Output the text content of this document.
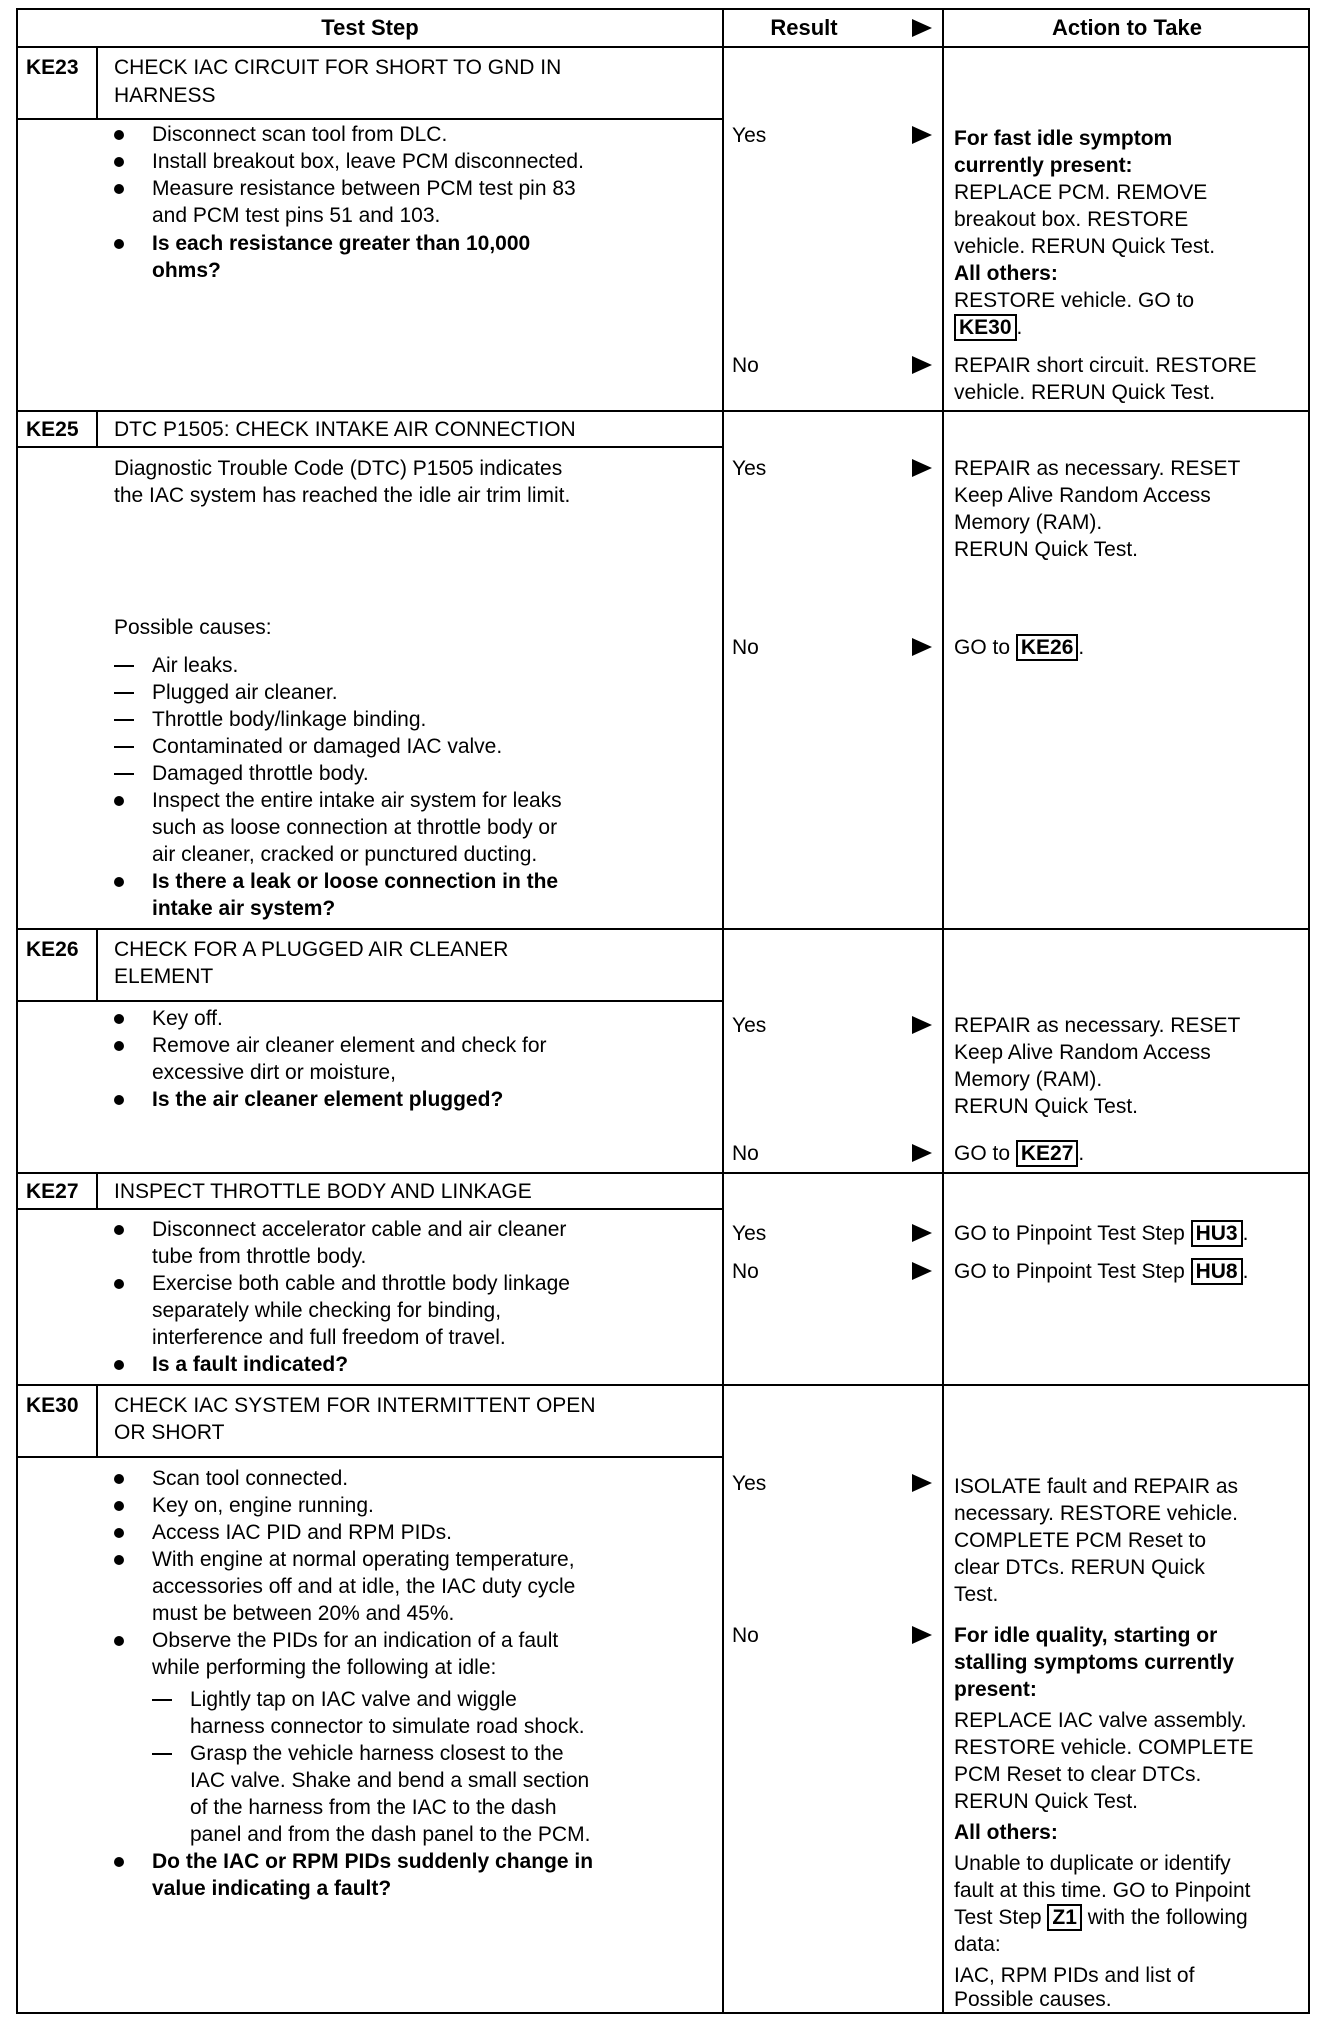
Test Step	Result	Action to Take
KE23 CHECK IAC CIRCUIT FOR SHORT TO GND IN
HARNESS
Disconnect scan tool from DLC.
Install breakout box, leave PCM disconnected.
Measure resistance between PCM test pin 83
and PCM test pins 51 and 103.
Is each resistance greater than 10,000
ohms?
Yes	For fast idle symptom
currently present:
REPLACE PCM. REMOVE
breakout box. RESTORE
vehicle. RERUN Quick Test.
All others:
RESTORE vehicle. GO to
KE30 .
No	REPAIR short circuit. RESTORE
vehicle. RERUN Quick Test.
KE25 DTC P1505: CHECK INTAKE AIR CONNECTION
Diagnostic Trouble Code (DTC) P1505 indicates
the IAC system has reached the idle air trim limit.
Possible causes:
Air leaks.
Plugged air cleaner.
Throttle body/linkage binding.
Contaminated or damaged IAC valve.
Damaged throttle body.
Inspect the entire intake air system for leaks
such as loose connection at throttle body or
air cleaner, cracked or punctured ducting.
Is there a leak or loose connection in the
intake air system?
Yes	REPAIR as necessary. RESET
Keep Alive Random Access
Memory (RAM).
RERUN Quick Test.
No	GO to KE26 .
KE26 CHECK FOR A PLUGGED AIR CLEANER
ELEMENT
Key off.
Remove air cleaner element and check for
excessive dirt or moisture,
Is the air cleaner element plugged?
Yes	REPAIR as necessary. RESET
Keep Alive Random Access
Memory (RAM).
RERUN Quick Test.
No	GO to KE27 .
KE27 INSPECT THROTTLE BODY AND LINKAGE
Disconnect accelerator cable and air cleaner
tube from throttle body.
Exercise both cable and throttle body linkage
separately while checking for binding,
interference and full freedom of travel.
Is a fault indicated?
Yes	GO to Pinpoint Test Step HU3 .
No	GO to Pinpoint Test Step HU8 .
KE30 CHECK IAC SYSTEM FOR INTERMITTENT OPEN
OR SHORT
Scan tool connected.
Key on, engine running.
Access IAC PID and RPM PIDs.
With engine at normal operating temperature,
accessories off and at idle, the IAC duty cycle
must be between 20% and 45%.
Observe the PIDs for an indication of a fault
while performing the following at idle:
Lightly tap on IAC valve and wiggle
harness connector to simulate road shock.
Grasp the vehicle harness closest to the
IAC valve. Shake and bend a small section
of the harness from the IAC to the dash
panel and from the dash panel to the PCM.
Do the IAC or RPM PIDs suddenly change in
value indicating a fault?
Yes	ISOLATE fault and REPAIR as
necessary. RESTORE vehicle.
COMPLETE PCM Reset to
clear DTCs. RERUN Quick
Test.
No	For idle quality, starting or
stalling symptoms currently
present:
REPLACE IAC valve assembly.
RESTORE vehicle. COMPLETE
PCM Reset to clear DTCs.
RERUN Quick Test.
All others:
Unable to duplicate or identify
fault at this time. GO to Pinpoint
Test Step Z1 with the following
data:
IAC, RPM PIDs and list of
Possible causes.
